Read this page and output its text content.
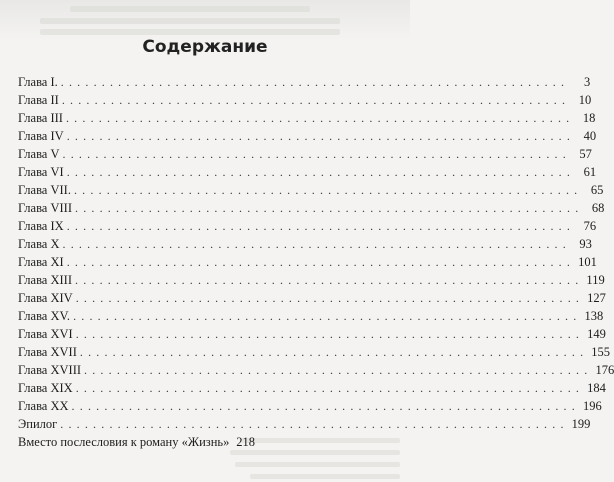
Содержание
Глава I. ..............................................................	3
Глава II .............................................................. 10
Глава III .............................................................. 18
Глава IV .............................................................. 40
Глава V .............................................................. 57
Глава VI .............................................................. 61
Глава VII. .............................................................. 65
Глава VIII .............................................................. 68
Глава IX .............................................................. 76
Глава X .............................................................. 93
Глава XI .............................................................. 101
Глава XIII .............................................................. 119
Глава XIV .............................................................. 127
Глава XV. .............................................................. 138
Глава XVI .............................................................. 149
Глава XVII .............................................................. 155
Глава XVIII .............................................................. 176
Глава XIX .............................................................. 184
Глава XX .............................................................. 196
Эпилог .............................................................. 199
Вместо послесловия к роману «Жизнь» 218
